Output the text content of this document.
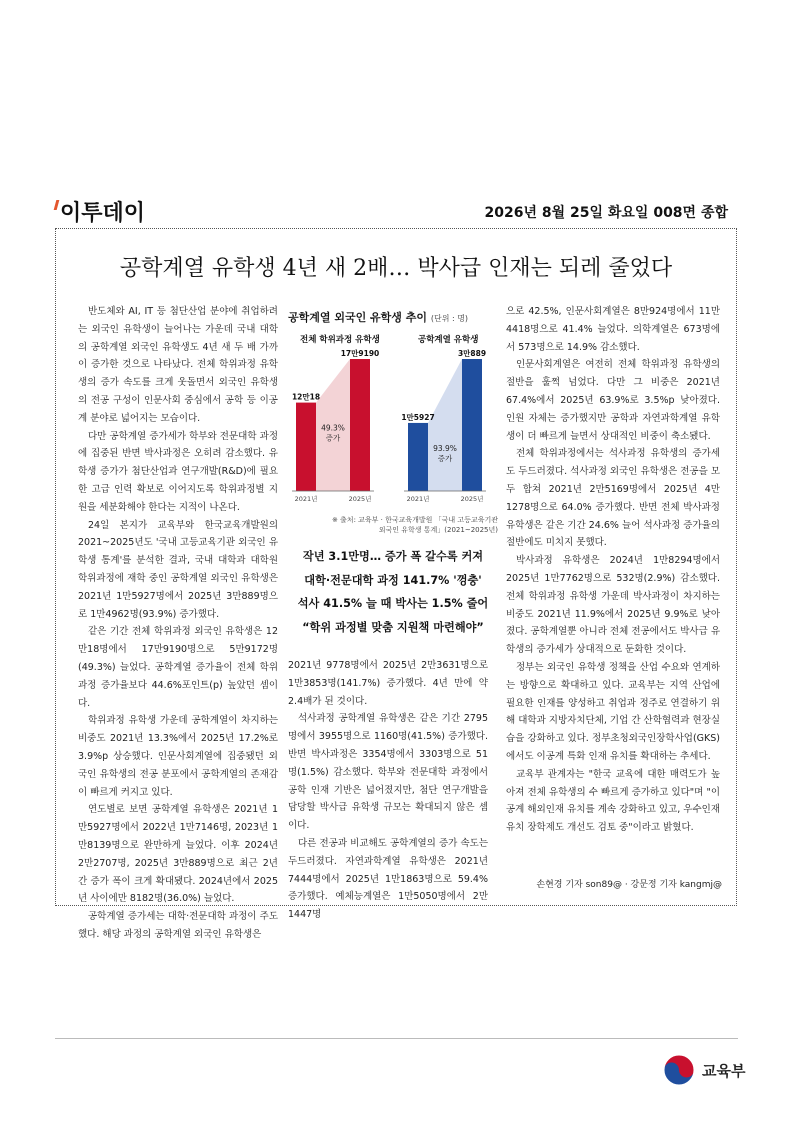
이투데이	2026년 8월 25일 화요일 008면 종합
공학계열 유학생 4년 새 2배… 박사급 인재는 되레 줄었다

반도체와 AI, IT 등 첨단산업 분야에 취업하려는 외국인 유학생이 늘어나는 가운데 국내 대학의 공학계열 외국인 유학생도 4년 새 두 배 가까이 증가한 것으로 나타났다. 전체 학위과정 유학생의 증가 속도를 크게 웃돌면서 외국인 유학생의 전공 구성이 인문사회 중심에서 공학 등 이공계 분야로 넓어지는 모습이다.

다만 공학계열 증가세가 학부와 전문대학 과정에 집중된 반면 박사과정은 오히려 감소했다. 유학생 증가가 첨단산업과 연구개발(R&D)에 필요한 고급 인력 확보로 이어지도록 학위과정별 지원을 세분화해야 한다는 지적이 나온다.

24일 본지가 교육부와 한국교육개발원의 2021~2025년도 '국내 고등교육기관 외국인 유학생 통계'를 분석한 결과, 국내 대학과 대학원 학위과정에 재학 중인 공학계열 외국인 유학생은 2021년 1만5927명에서 2025년 3만889명으로 1만4962명(93.9%) 증가했다.

같은 기간 전체 학위과정 외국인 유학생은 12만18명에서 17만9190명으로 5만9172명(49.3%) 늘었다. 공학계열 증가율이 전체 학위과정 증가율보다 44.6%포인트(p) 높았던 셈이다.

학위과정 유학생 가운데 공학계열이 차지하는 비중도 2021년 13.3%에서 2025년 17.2%로 3.9%p 상승했다. 인문사회계열에 집중됐던 외국인 유학생의 전공 분포에서 공학계열의 존재감이 빠르게 커지고 있다.

연도별로 보면 공학계열 유학생은 2021년 1만5927명에서 2022년 1만7146명, 2023년 1만8139명으로 완만하게 늘었다. 이후 2024년 2만2707명, 2025년 3만889명으로 최근 2년간 증가 폭이 크게 확대됐다. 2024년에서 2025년 사이에만 8182명(36.0%) 늘었다.

공학계열 증가세는 대학·전문대학 과정이 주도했다. 해당 과정의 공학계열 외국인 유학생은

공학계열 외국인 유학생 추이 (단위 : 명)
전체 학위과정 유학생	공학계열 유학생
12만18
2021년
17만9190
2025년
49.3%
증가
1만5927
2021년
3만889
2025년
93.9%
증가
※ 출처: 교육부 · 한국교육개발원 「국내 고등교육기관
외국인 유학생 통계」(2021~2025년)
작년 3.1만명… 증가 폭 갈수록 커져
대학·전문대학 과정 141.7% '껑충'
석사 41.5% 늘 때 박사는 1.5% 줄어
“학위 과정별 맞춤 지원책 마련해야”

2021년 9778명에서 2025년 2만3631명으로 1만3853명(141.7%) 증가했다. 4년 만에 약 2.4배가 된 것이다.

석사과정 공학계열 유학생은 같은 기간 2795명에서 3955명으로 1160명(41.5%) 증가했다. 반면 박사과정은 3354명에서 3303명으로 51명(1.5%) 감소했다. 학부와 전문대학 과정에서 공학 인재 기반은 넓어졌지만, 첨단 연구개발을 담당할 박사급 유학생 규모는 확대되지 않은 셈이다.

다른 전공과 비교해도 공학계열의 증가 속도는 두드러졌다. 자연과학계열 유학생은 2021년 7444명에서 2025년 1만1863명으로 59.4% 증가했다. 예체능계열은 1만5050명에서 2만1447명

으로 42.5%, 인문사회계열은 8만924명에서 11만4418명으로 41.4% 늘었다. 의학계열은 673명에서 573명으로 14.9% 감소했다.

인문사회계열은 여전히 전체 학위과정 유학생의 절반을 훌쩍 넘었다. 다만 그 비중은 2021년 67.4%에서 2025년 63.9%로 3.5%p 낮아졌다. 인원 자체는 증가했지만 공학과 자연과학계열 유학생이 더 빠르게 늘면서 상대적인 비중이 축소됐다.

전체 학위과정에서는 석사과정 유학생의 증가세도 두드러졌다. 석사과정 외국인 유학생은 전공을 모두 합쳐 2021년 2만5169명에서 2025년 4만1278명으로 64.0% 증가했다. 반면 전체 박사과정 유학생은 같은 기간 24.6% 늘어 석사과정 증가율의 절반에도 미치지 못했다.

박사과정 유학생은 2024년 1만8294명에서 2025년 1만7762명으로 532명(2.9%) 감소했다. 전체 학위과정 유학생 가운데 박사과정이 차지하는 비중도 2021년 11.9%에서 2025년 9.9%로 낮아졌다. 공학계열뿐 아니라 전체 전공에서도 박사급 유학생의 증가세가 상대적으로 둔화한 것이다.

정부는 외국인 유학생 정책을 산업 수요와 연계하는 방향으로 확대하고 있다. 교육부는 지역 산업에 필요한 인재를 양성하고 취업과 정주로 연결하기 위해 대학과 지방자치단체, 기업 간 산학협력과 현장실습을 강화하고 있다. 정부초청외국인장학사업(GKS)에서도 이공계 특화 인재 유치를 확대하는 추세다.

교육부 관계자는 "한국 교육에 대한 매력도가 높아져 전체 유학생의 수 빠르게 증가하고 있다"며 "이공계 해외인재 유치를 계속 강화하고 있고, 우수인재 유치 장학제도 개선도 검토 중"이라고 밝혔다.

손현경 기자 son89@ · 강문정 기자 kangmj@
교육부
